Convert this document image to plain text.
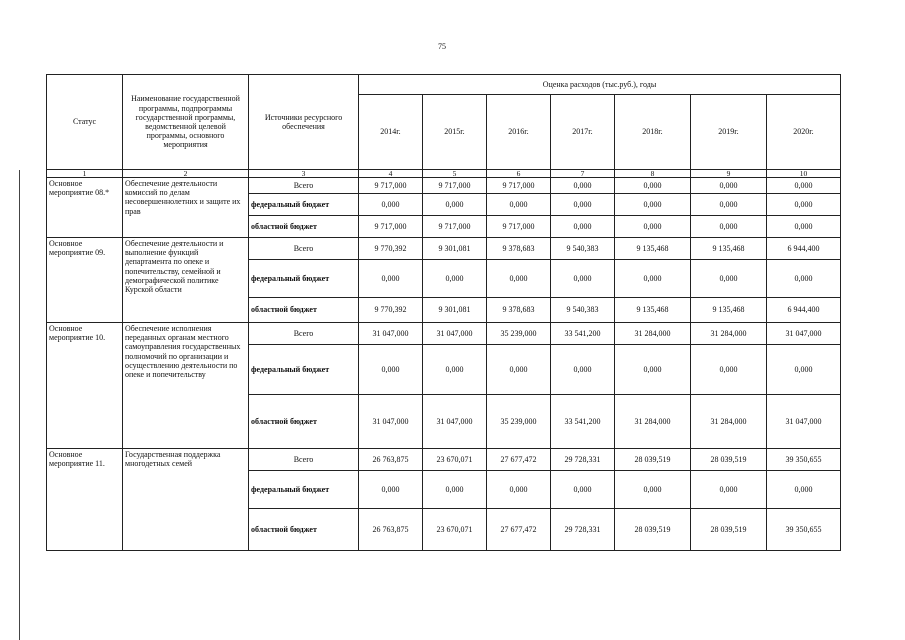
75
Статус	Наименование государственной программы, подпрограммы государственной программы, ведомственной целевой программы, основного мероприятия	Источники ресурсного обеспечения	Оценка расходов (тыс.руб.), годы						
			2014г.	2015г.	2016г.	2017г.	2018г.	2019г.	2020г.
1	2	3	4	5	6	7	8	9	10
Основное мероприятие 08.*	Обеспечение деятельности комиссий по делам несовершеннолетних и защите их прав	Всего	9 717,000	9 717,000	9 717,000	0,000	0,000	0,000	0,000
		федеральный бюджет	0,000	0,000	0,000	0,000	0,000	0,000	0,000
		областной бюджет	9 717,000	9 717,000	9 717,000	0,000	0,000	0,000	0,000
Основное мероприятие 09.	Обеспечение деятельности и выполнение функций департамента по опеке и попечительству, семейной и демографической политике Курской области	Всего	9 770,392	9 301,081	9 378,683	9 540,383	9 135,468	9 135,468	6 944,400
		федеральный бюджет	0,000	0,000	0,000	0,000	0,000	0,000	0,000
		областной бюджет	9 770,392	9 301,081	9 378,683	9 540,383	9 135,468	9 135,468	6 944,400
Основное мероприятие 10.	Обеспечение исполнения переданных органам местного самоуправления государственных полномочий по организации и осуществлению деятельности по опеке и попечительству	Всего	31 047,000	31 047,000	35 239,000	33 541,200	31 284,000	31 284,000	31 047,000
		федеральный бюджет	0,000	0,000	0,000	0,000	0,000	0,000	0,000
		областной бюджет	31 047,000	31 047,000	35 239,000	33 541,200	31 284,000	31 284,000	31 047,000
Основное мероприятие 11.	Государственная поддержка многодетных семей	Всего	26 763,875	23 670,071	27 677,472	29 728,331	28 039,519	28 039,519	39 350,655
		федеральный бюджет	0,000	0,000	0,000	0,000	0,000	0,000	0,000
		областной бюджет	26 763,875	23 670,071	27 677,472	29 728,331	28 039,519	28 039,519	39 350,655
